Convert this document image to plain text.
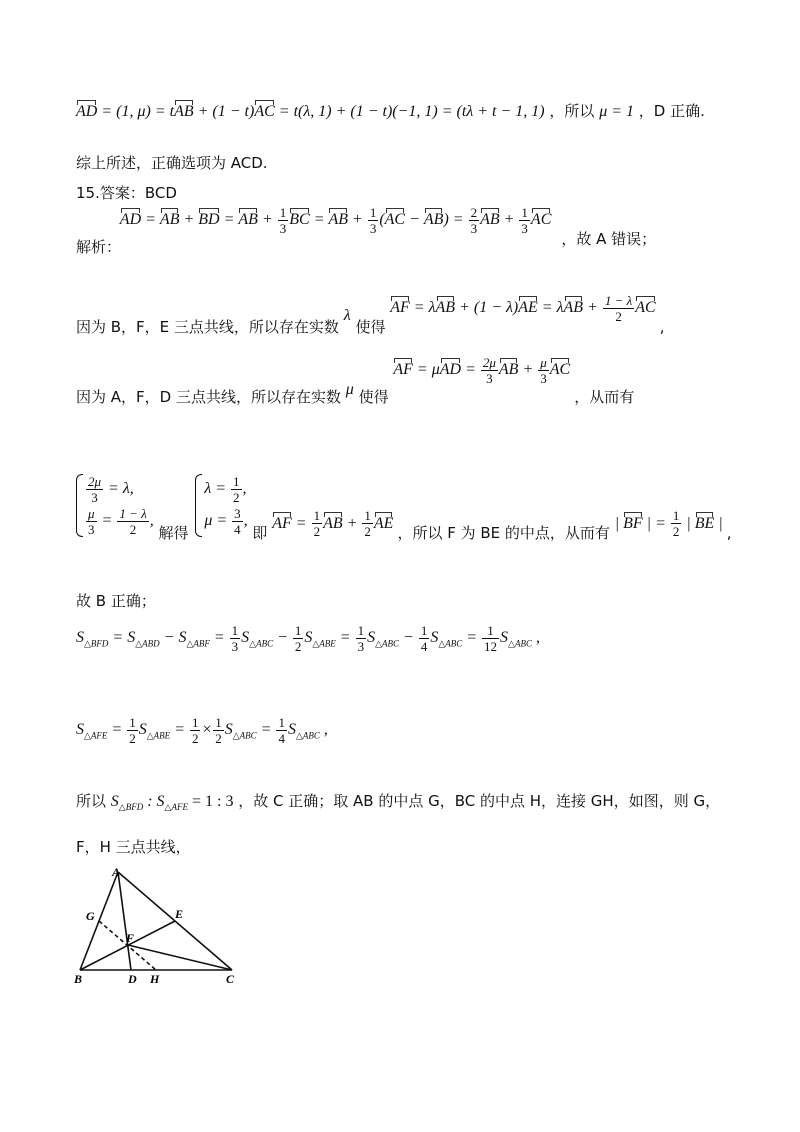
AD = (1, μ) = tAB + (1 − t)AC = t(λ, 1) + (1 − t)(−1, 1) = (tλ + t − 1, 1) ，所以 μ = 1 ，D 正确.
综上所述，正确选项为 ACD.
15.答案：BCD
解析： AD = AB + BD = AB + $\frac{1}{3}$ BC = AB + $\frac{1}{3} (AC - AB) = \frac{2}{3}$ AB + $\frac{1}{3}$ AC ，故 A 错误；
因为 B，F，E 三点共线，所以存在实数 λ 使得 AF = $\lambda AB + (1 - \lambda)AE = \lambda AB + \frac{1 - \lambda}{2}$ AC ,
因为 A，F，D 三点共线，所以存在实数 μ 使得 AF = $\mu AD = \frac{2\mu}{3}$ AB + $\frac{\mu}{3}$ AC ，从而有
$\frac{2\mu}{3} = \lambda$,
$\frac{\mu}{3} = \frac{1 - \lambda}{2}$ ,
解得
$\lambda = \frac{1}{2}$ ,
$\mu = \frac{3}{4}$ ,
即 AF = $\frac{1}{2}$ AB + $\frac{1}{2}$ AE ，所以 F 为 BE 的中点，从而有 | BF | = $\frac{1}{2}$ | BE | ,
故 B 正确；
$S_{\triangle BFD} = S_{\triangle ABD} - S_{\triangle ABF} = \frac{1}{3} S_{\triangle ABC} - \frac{1}{2} S_{\triangle ABE} = \frac{1}{3} S_{\triangle ABC} - \frac{1}{4} S_{\triangle ABC} = \frac{1}{12} S_{\triangle ABC}$ ,
$S_{\triangle AFE} = \frac{1}{2} S_{\triangle ABE} = \frac{1}{2} \times \frac{1}{2} S_{\triangle ABC} = \frac{1}{4} S_{\triangle ABC}$ ,
所以 $S_{\triangle BFD}$ : $S_{\triangle AFE} = 1$ : 3 ，故 C 正确；取 AB 的中点 G，BC 的中点 H，连接 GH，如图，则 G，
F，H 三点共线，
A
G	E
F
B	D H	C
